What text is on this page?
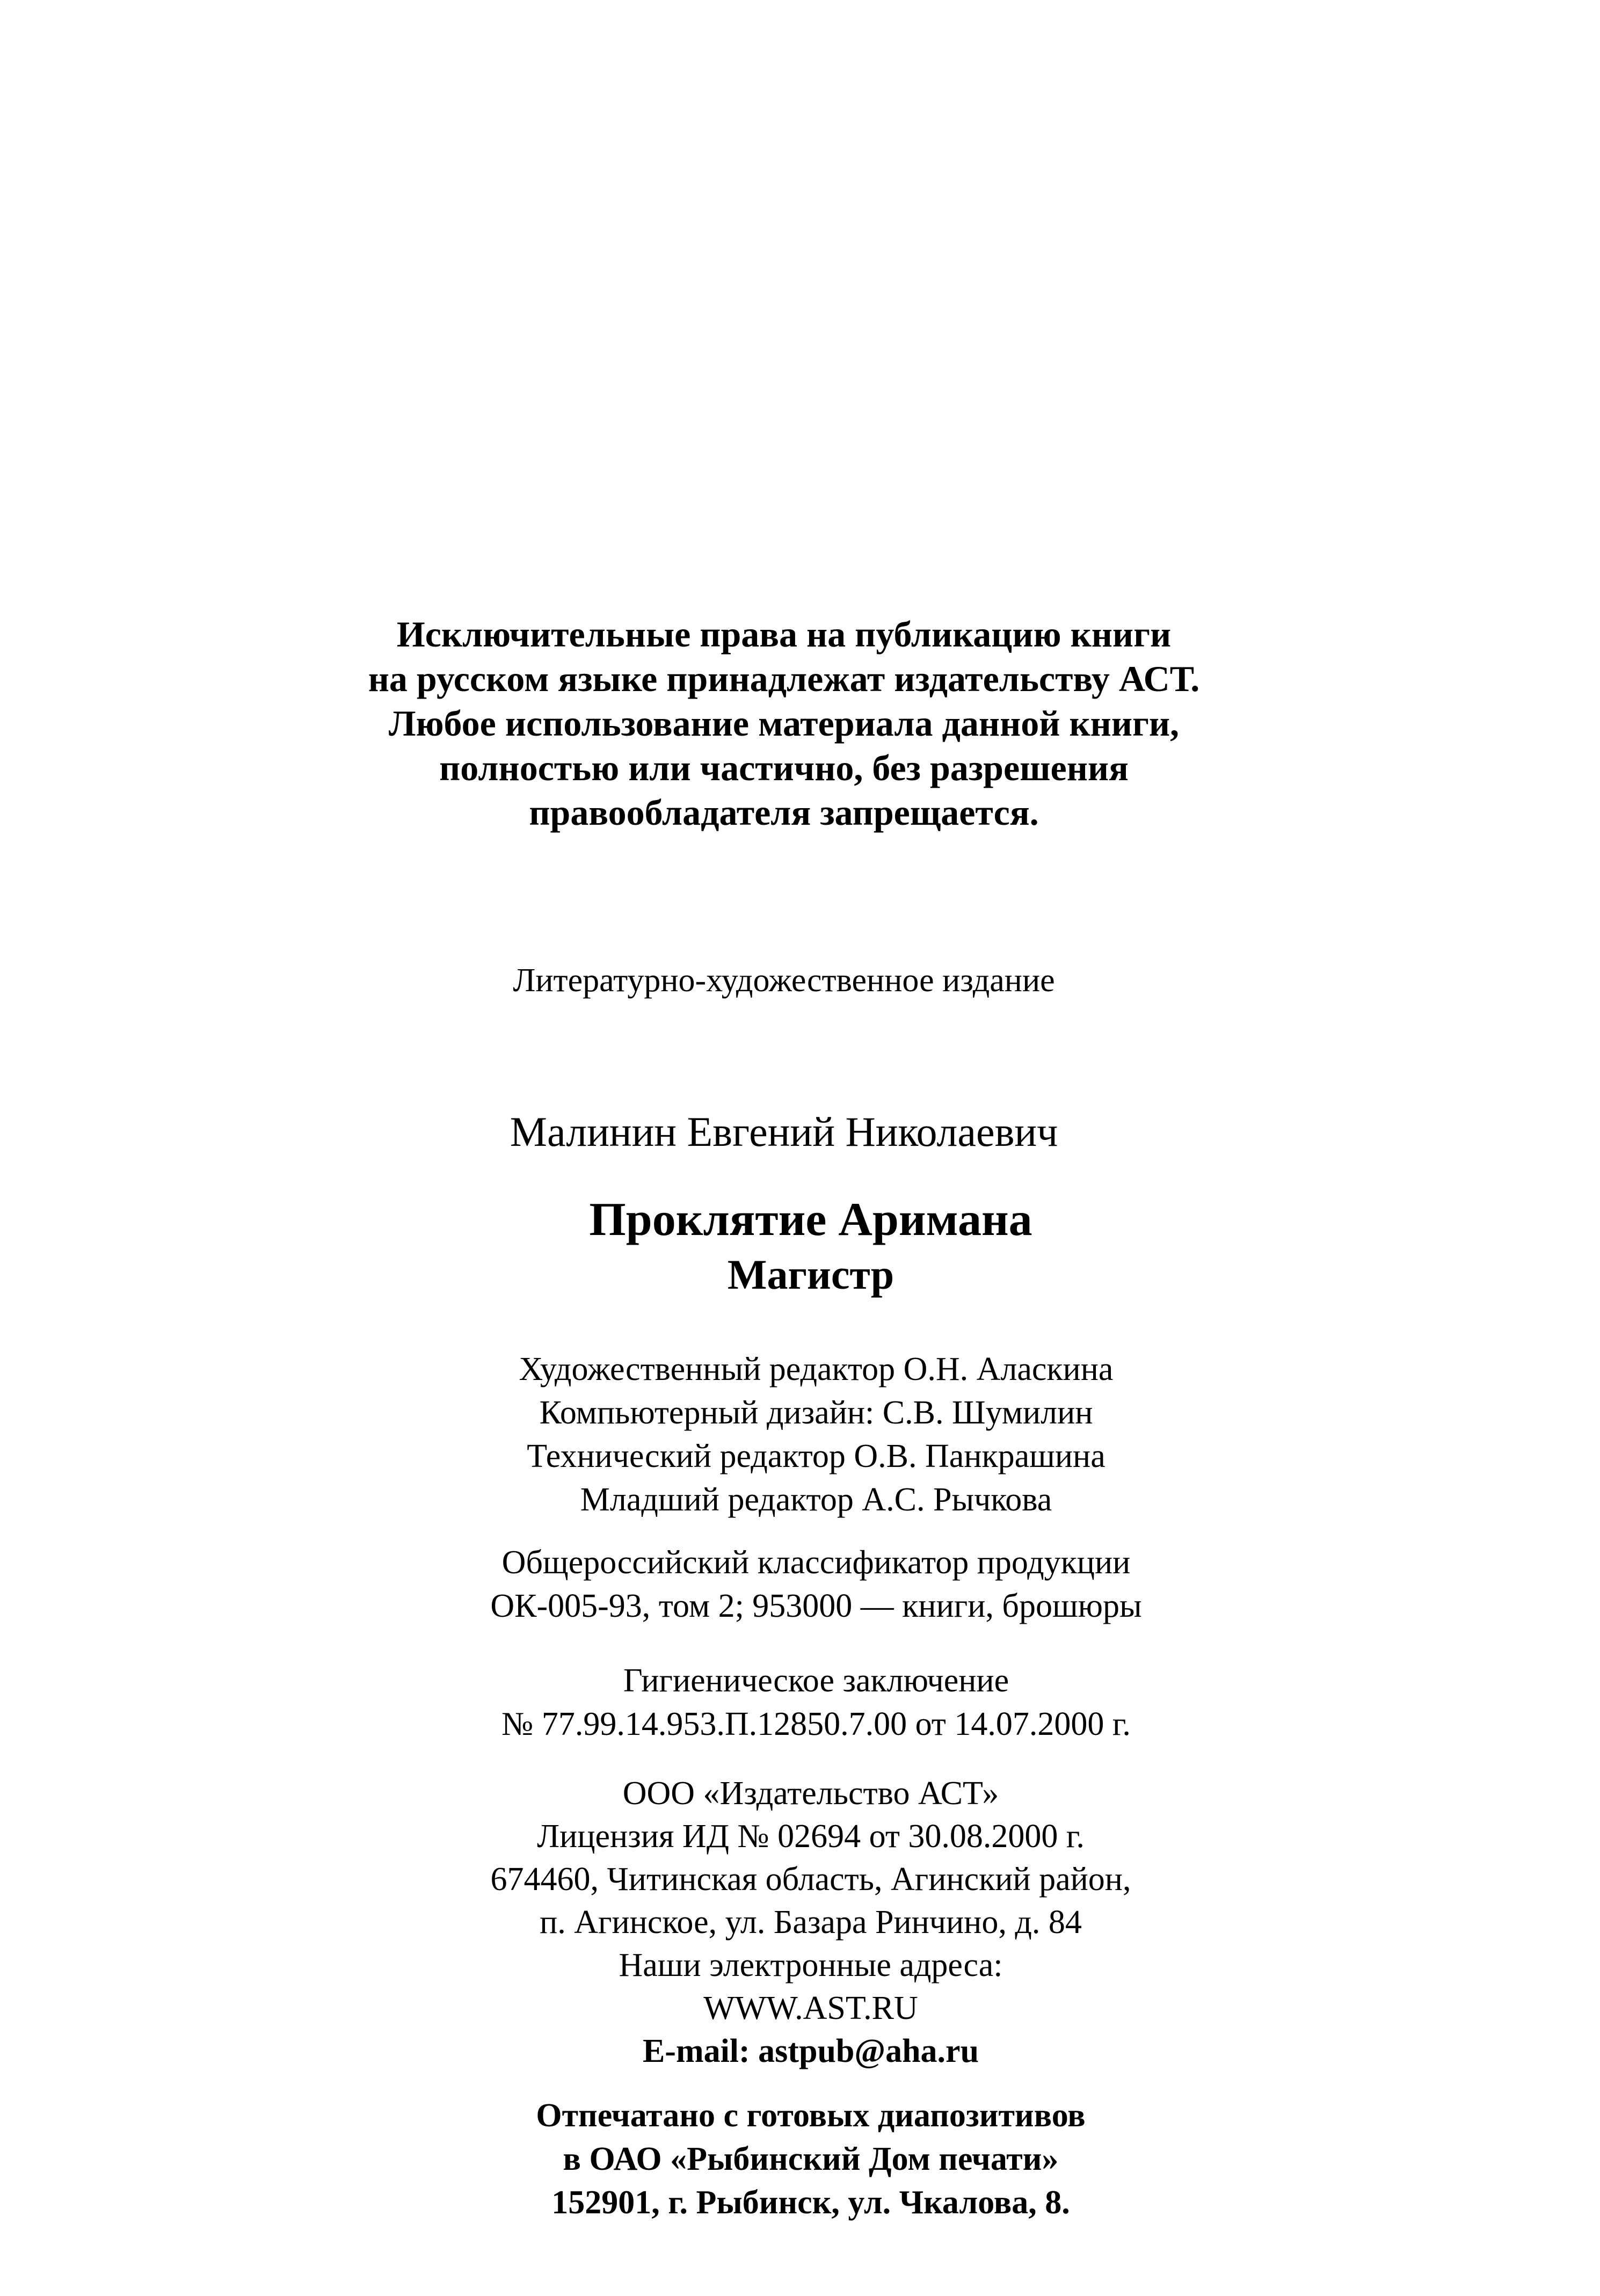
Исключительные права на публикацию книги
на русском языке принадлежат издательству АСТ.
Любое использование материала данной книги,
полностью или частично, без разрешения
правообладателя запрещается.
Литературно-художественное издание
Малинин Евгений Николаевич
Проклятие Аримана
Магистр
Художественный редактор О.Н. Аласкина
Компьютерный дизайн: С.В. Шумилин
Технический редактор О.В. Панкрашина
Младший редактор А.С. Рычкова
Общероссийский классификатор продукции
ОК-005-93, том 2; 953000 — книги, брошюры
Гигиеническое заключение
№ 77.99.14.953.П.12850.7.00 от 14.07.2000 г.
ООО «Издательство АСТ»
Лицензия ИД № 02694 от 30.08.2000 г.
674460, Читинская область, Агинский район,
п. Агинское, ул. Базара Ринчино, д. 84
Наши электронные адреса:
WWW.AST.RU
E-mail: astpub@aha.ru
Отпечатано с готовых диапозитивов
в ОАО «Рыбинский Дом печати»
152901, г. Рыбинск, ул. Чкалова, 8.
